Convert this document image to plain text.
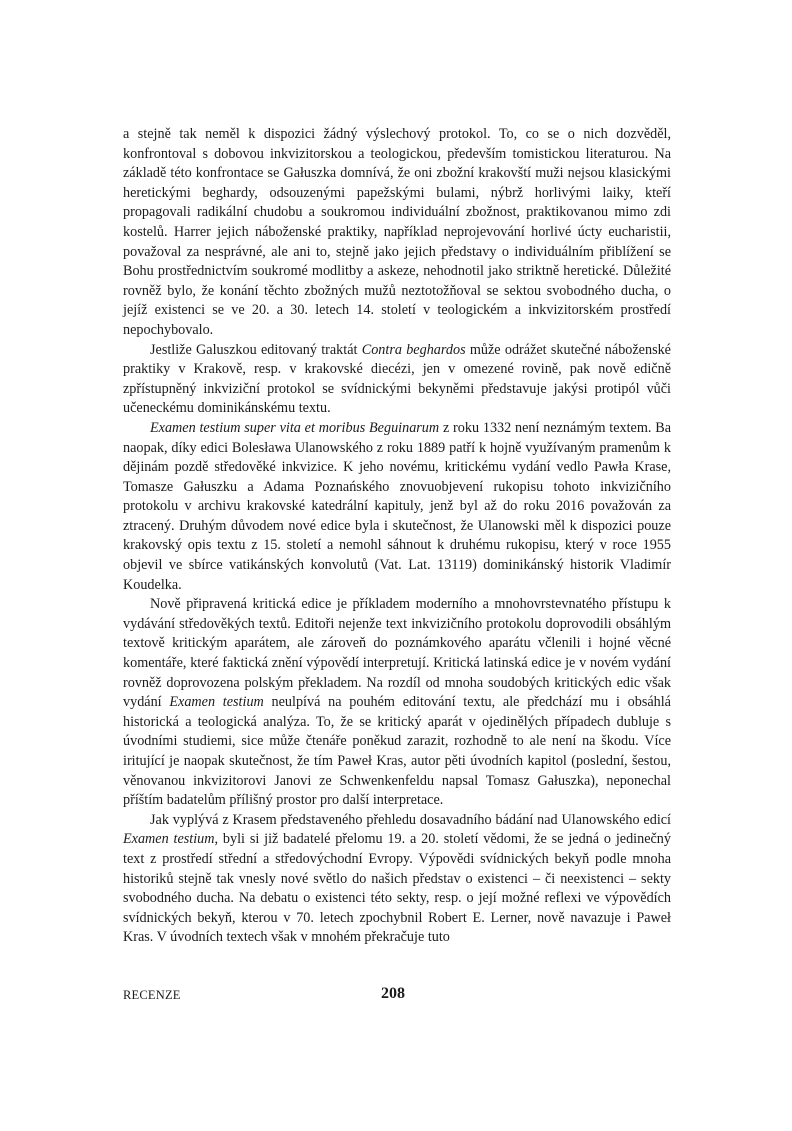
a stejně tak neměl k dispozici žádný výslechový protokol. To, co se o nich dozvěděl, konfrontoval s dobovou inkvizitorskou a teologickou, především tomistickou literaturou. Na základě této konfrontace se Gałuszka domnívá, že oni zbožní krakovští muži nejsou klasickými heretickými beghardy, odsouzenými papežskými bulami, nýbrž horlivými laiky, kteří propagovali radikální chudobu a soukromou individuální zbožnost, praktikovanou mimo zdi kostelů. Harrer jejich náboženské praktiky, například neprojevování horlivé úcty eucharistii, považoval za nesprávné, ale ani to, stejně jako jejich představy o individuálním přiblížení se Bohu prostřednictvím soukromé modlitby a askeze, nehodnotil jako striktně heretické. Důležité rovněž bylo, že konání těchto zbožných mužů neztotožňoval se sektou svobodného ducha, o jejíž existenci se ve 20. a 30. letech 14. století v teologickém a inkvizitorském prostředí nepochybovalo.

Jestliže Galuszkou editovaný traktát Contra beghardos může odrážet skutečné náboženské praktiky v Krakově, resp. v krakovské diecézi, jen v omezené rovině, pak nově edičně zpřístupněný inkviziční protokol se svídnickými bekyněmi představuje jakýsi protipól vůči učeneckému dominikánskému textu.

Examen testium super vita et moribus Beguinarum z roku 1332 není neznámým textem. Ba naopak, díky edici Bolesława Ulanowského z roku 1889 patří k hojně využívaným pramenům k dějinám pozdě středověké inkvizice. K jeho novému, kritickému vydání vedlo Pawła Krase, Tomasze Gałuszku a Adama Poznańského znovuobjevení rukopisu tohoto inkvizičního protokolu v archivu krakovské katedrální kapituly, jenž byl až do roku 2016 považován za ztracený. Druhým důvodem nové edice byla i skutečnost, že Ulanowski měl k dispozici pouze krakovský opis textu z 15. století a nemohl sáhnout k druhému rukopisu, který v roce 1955 objevil ve sbírce vatikánských konvolutů (Vat. Lat. 13119) dominikánský historik Vladimír Koudelka.

Nově připravená kritická edice je příkladem moderního a mnohovrstevnatého přístupu k vydávání středověkých textů. Editoři nejenže text inkvizičního protokolu doprovodili obsáhlým textově kritickým aparátem, ale zároveň do poznámkového aparátu včlenili i hojné věcné komentáře, které faktická znění výpovědí interpretují. Kritická latinská edice je v novém vydání rovněž doprovozena polským překladem. Na rozdíl od mnoha soudobých kritických edic však vydání Examen testium neulpívá na pouhém editování textu, ale předchází mu i obsáhlá historická a teologická analýza. To, že se kritický aparát v ojedinělých případech dubluje s úvodními studiemi, sice může čtenáře poněkud zarazit, rozhodně to ale není na škodu. Více iritující je naopak skutečnost, že tím Paweł Kras, autor pěti úvodních kapitol (poslední, šestou, věnovanou inkvizitorovi Janovi ze Schwenkenfeldu napsal Tomasz Gałuszka), neponechal příštím badatelům přílišný prostor pro další interpretace.

Jak vyplývá z Krasem představeného přehledu dosavadního bádání nad Ulanowského edicí Examen testium, byli si již badatelé přelomu 19. a 20. století vědomi, že se jedná o jedinečný text z prostředí střední a středovýchodní Evropy. Výpovědi svídnických bekyň podle mnoha historiků stejně tak vnesly nové světlo do našich představ o existenci – či neexistenci – sekty svobodného ducha. Na debatu o existenci této sekty, resp. o její možné reflexi ve výpovědích svídnických bekyň, kterou v 70. letech zpochybnil Robert E. Lerner, nově navazuje i Paweł Kras. V úvodních textech však v mnohém překračuje tuto

RECENZE	208
